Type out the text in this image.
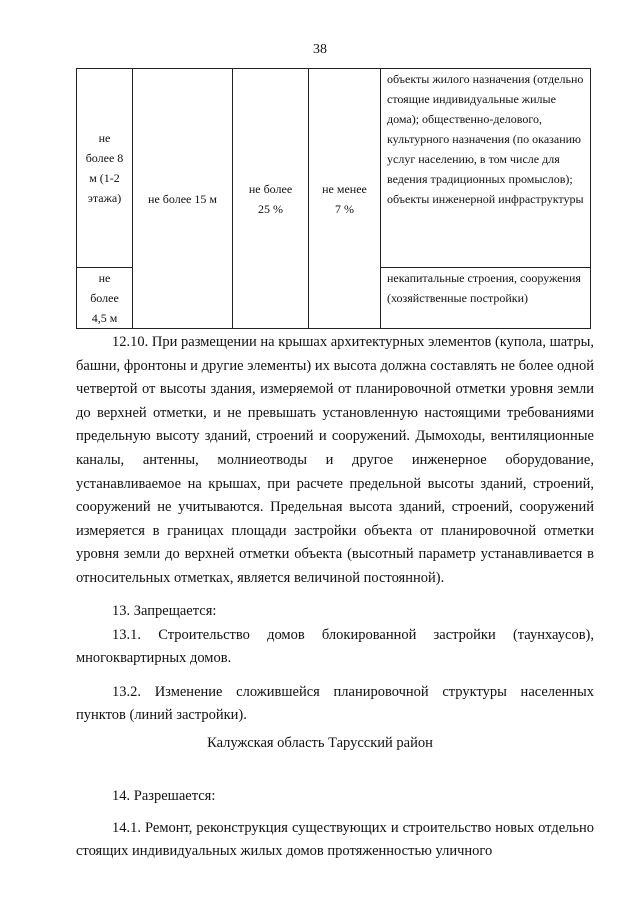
38
не более 8 м (1-2 этажа)	не более 15 м	не более 25 %	не менее 7 %	объекты жилого назначения (отдельно стоящие индивидуальные жилые дома); общественно-делового, культурного назначения (по оказанию услуг населению, в том числе для ведения традиционных промыслов); объекты инженерной инфраструктуры
не более 4,5 м				некапитальные строения, сооружения (хозяйственные постройки)

12.10. При размещении на крышах архитектурных элементов (купола, шатры, башни, фронтоны и другие элементы) их высота должна составлять не более одной четвертой от высоты здания, измеряемой от планировочной отметки уровня земли до верхней отметки, и не превышать установленную настоящими требованиями предельную высоту зданий, строений и сооружений. Дымоходы, вентиляционные каналы, антенны, молниеотводы и другое инженерное оборудование, устанавливаемое на крышах, при расчете предельной высоты зданий, строений, сооружений не учитываются. Предельная высота зданий, строений, сооружений измеряется в границах площади застройки объекта от планировочной отметки уровня земли до верхней отметки объекта (высотный параметр устанавливается в относительных отметках, является величиной постоянной).

13. Запрещается:

13.1. Строительство домов блокированной застройки (таунхаусов), многоквартирных домов.

13.2. Изменение сложившейся планировочной структуры населенных пунктов (линий застройки).

Калужская область Тарусский район

14. Разрешается:

14.1. Ремонт, реконструкция существующих и строительство новых отдельно стоящих индивидуальных жилых домов протяженностью уличного
